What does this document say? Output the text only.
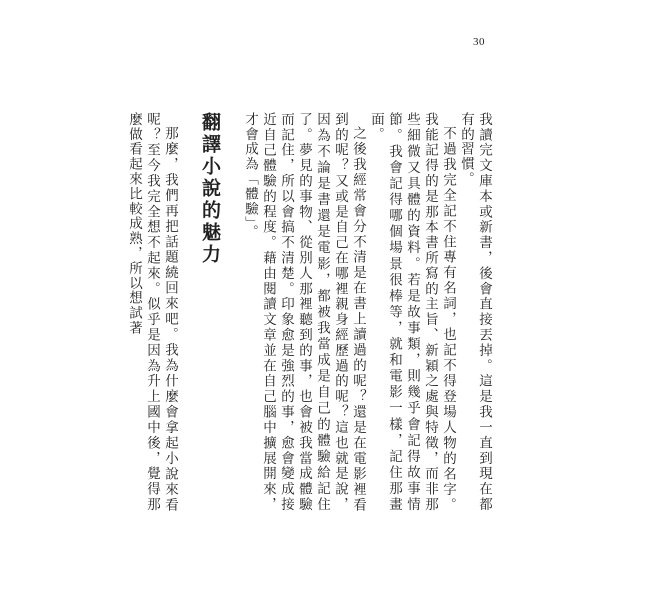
30

我讀完文庫本或新書，後會直接丟掉。這是我一直到現在都有的習慣。

不過我完全記不住專有名詞，也記不得登場人物的名字。我能記得的是那本書所寫的主旨、新穎之處與特徵，而非那些細微又具體的資料。若是故事類，則幾乎會記得故事情節。我會記得哪個場景很棒等，就和電影一樣，記住那畫面。

之後我經常會分不清是在書上讀過的呢？還是在電影裡看到的呢？又或是自己在哪裡親身經歷過的呢？這也就是說，因為不論是書還是電影，都被我當成是自己的體驗給記住了。夢見的事物、從別人那裡聽到的事，也會被我當成體驗而記住，所以會搞不清楚。印象愈是強烈的事，愈會變成接近自己體驗的程度。藉由閱讀文章並在自己腦中擴展開來，才會成為「體驗」。

翻譯小說的魅力

那麼，我們再把話題繞回來吧。我為什麼會拿起小說來看呢？至今我完全想不起來。似乎是因為升上國中後，覺得那麼做看起來比較成熟，所以想試著
